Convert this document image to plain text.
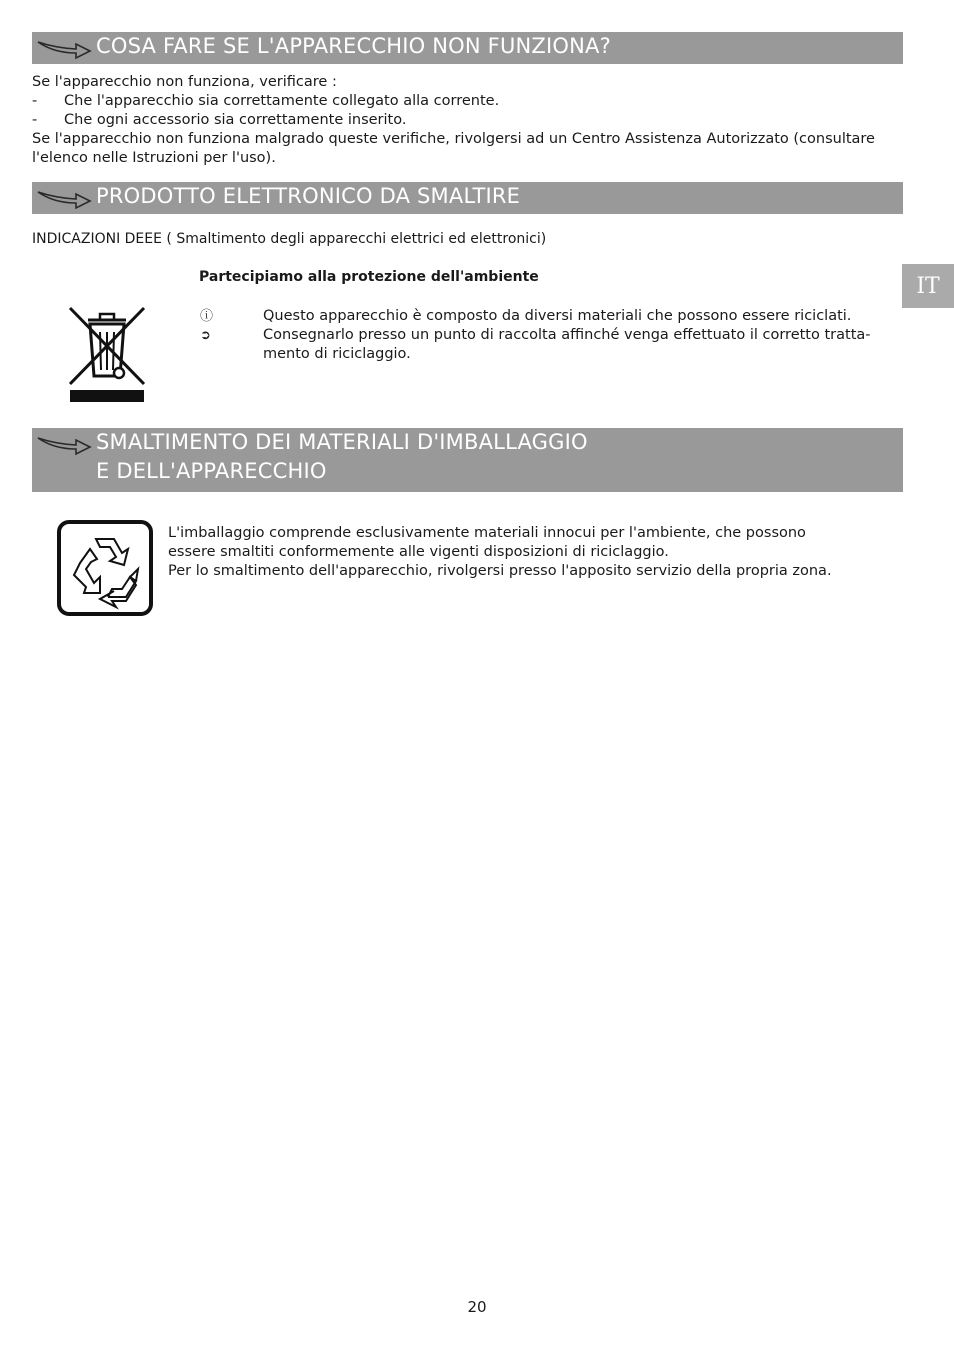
COSA FARE SE L'APPARECCHIO NON FUNZIONA?

Se l'apparecchio non funziona, verificare :

- Che l'apparecchio sia correttamente collegato alla corrente.

- Che ogni accessorio sia correttamente inserito.

Se l'apparecchio non funziona malgrado queste verifiche, rivolgersi ad un Centro Assistenza Autorizzato (consultare

l'elenco nelle Istruzioni per l'uso).

PRODOTTO ELETTRONICO DA SMALTIRE

INDICAZIONI DEEE ( Smaltimento degli apparecchi elettrici ed elettronici)

Partecipiamo alla protezione dell'ambiente	IT

ⓘ	Questo apparecchio è composto da diversi materiali che possono essere riciclati.

➲	Consegnarlo presso un punto di raccolta affinché venga effettuato il corretto tratta-
mento di riciclaggio.

SMALTIMENTO DEI MATERIALI D'IMBALLAGGIO
E DELL'APPARECCHIO

L'imballaggio comprende esclusivamente materiali innocui per l'ambiente, che possono

essere smaltiti conformemente alle vigenti disposizioni di riciclaggio.

Per lo smaltimento dell'apparecchio, rivolgersi presso l'apposito servizio della propria zona.

20
